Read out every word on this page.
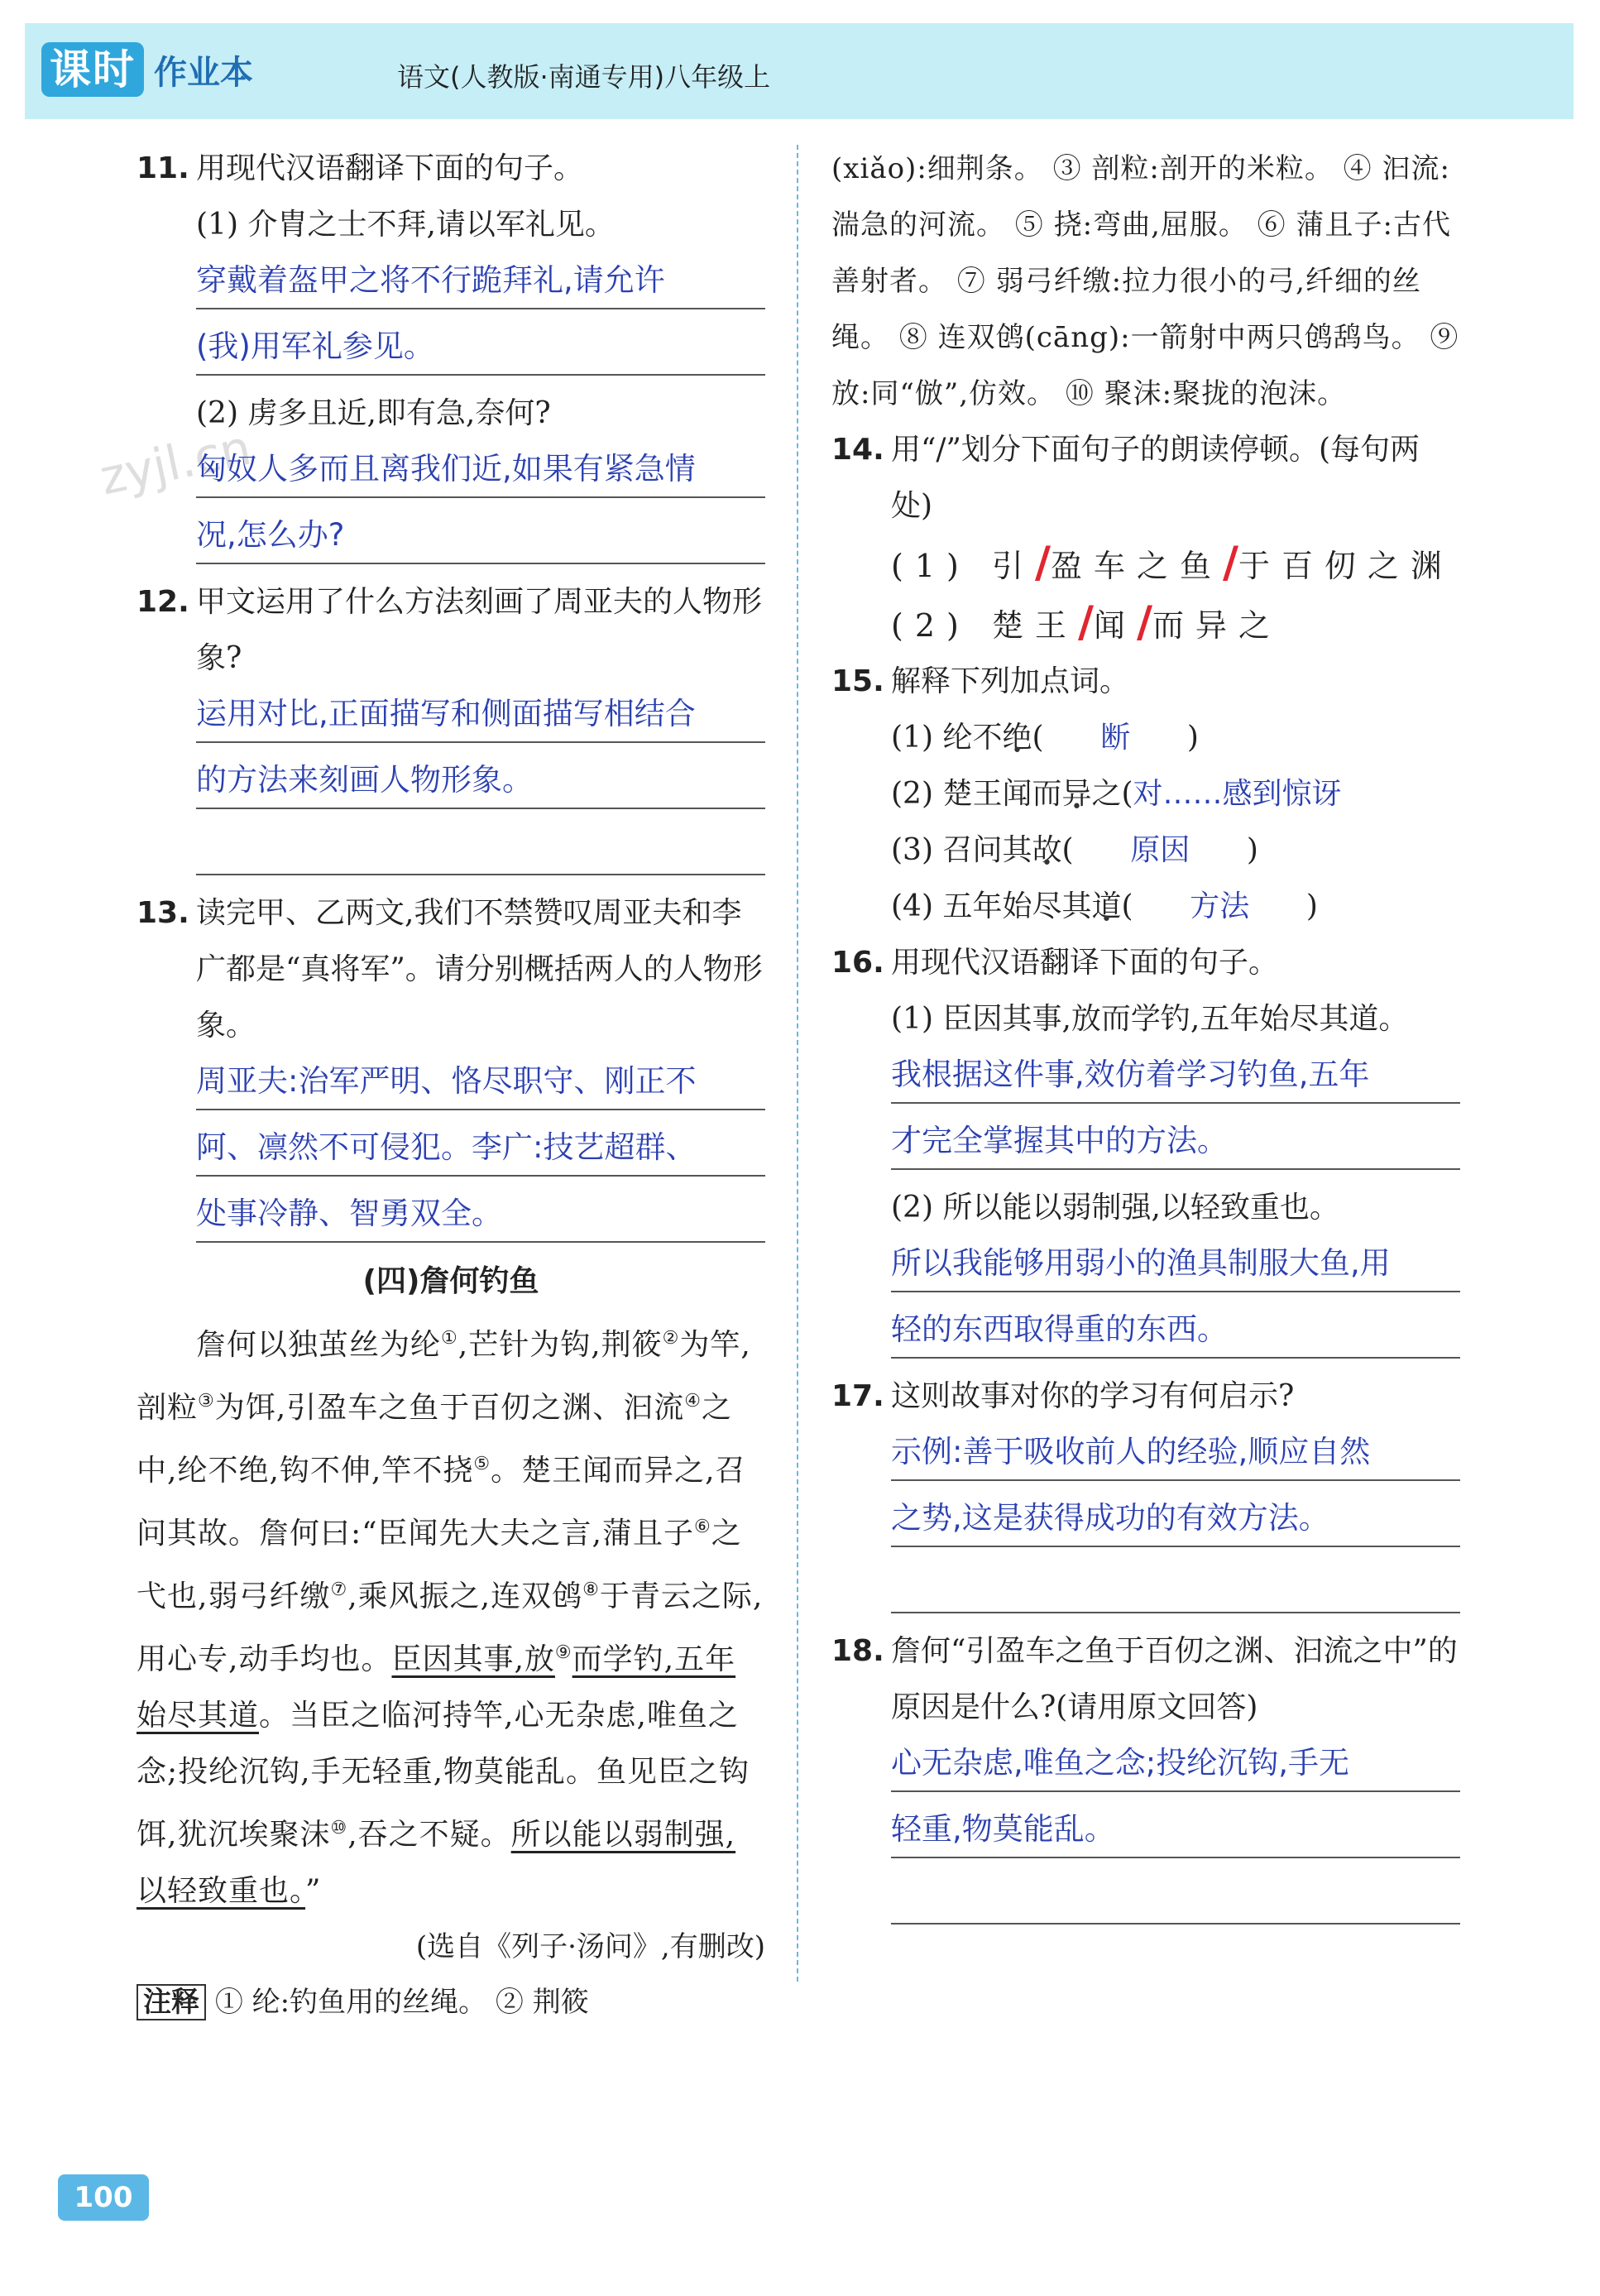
课时 作业本	语文(人教版·南通专用)八年级上
zyjl.cn
11. 用现代汉语翻译下面的句子。

(1) 介胄之士不拜,请以军礼见。

穿戴着盔甲之将不行跪拜礼,请允许
(我)用军礼参见。

(2) 虏多且近,即有急,奈何?

匈奴人多而且离我们近,如果有紧急情
况,怎么办?
12. 甲文运用了什么方法刻画了周亚夫的人物形象?
运用对比,正面描写和侧面描写相结合
的方法来刻画人物形象。
13. 读完甲、乙两文,我们不禁赞叹周亚夫和李广都是“真将军”。请分别概括两人的人物形象。
周亚夫:治军严明、恪尽职守、刚正不
阿、凛然不可侵犯。李广:技艺超群、
处事冷静、智勇双全。
(四)詹何钓鱼

詹何以独茧丝为纶①,芒针为钩,荆筱②为竿,剖粒③为饵,引盈车之鱼于百仞之渊、汩流④之中,纶不绝,钩不伸,竿不挠⑤。楚王闻而异之,召问其故。詹何曰:“臣闻先大夫之言,蒲且子⑥之弋也,弱弓纤缴⑦,乘风振之,连双鸧⑧于青云之际,用心专,动手均也。臣因其事,放⑨而学钓,五年始尽其道。当臣之临河持竿,心无杂虑,唯鱼之念;投纶沉钩,手无轻重,物莫能乱。鱼见臣之钩饵,犹沉埃聚沫⑩,吞之不疑。所以能以弱制强,以轻致重也。”

(选自《列子·汤问》,有删改)

注释 ① 纶:钓鱼用的丝绳。 ② 荆筱

(xiǎo):细荆条。 ③ 剖粒:剖开的米粒。 ④ 汩流:湍急的河流。 ⑤ 挠:弯曲,屈服。 ⑥ 蒲且子:古代善射者。 ⑦ 弱弓纤缴:拉力很小的弓,纤细的丝绳。 ⑧ 连双鸧(cāng):一箭射中两只鸧鸹鸟。 ⑨ 放:同“倣”,仿效。 ⑩ 聚沫:聚拢的泡沫。

14. 用“/”划分下面句子的朗读停顿。(每句两处)

(1) 引/盈车之鱼/于百仞之渊

(2) 楚王/闻/而异之

15. 解释下列加点词。

(1) 纶不绝( 断 )

(2) 楚王闻而异之(对……感到惊讶

(3) 召问其故( 原因 )

(4) 五年始尽其道( 方法 )

16. 用现代汉语翻译下面的句子。

(1) 臣因其事,放而学钓,五年始尽其道。

我根据这件事,效仿着学习钓鱼,五年
才完全掌握其中的方法。

(2) 所以能以弱制强,以轻致重也。

所以我能够用弱小的渔具制服大鱼,用
轻的东西取得重的东西。
17. 这则故事对你的学习有何启示?
示例:善于吸收前人的经验,顺应自然
之势,这是获得成功的有效方法。
18. 詹何“引盈车之鱼于百仞之渊、汩流之中”的原因是什么?(请用原文回答)
心无杂虑,唯鱼之念;投纶沉钩,手无
轻重,物莫能乱。
100
